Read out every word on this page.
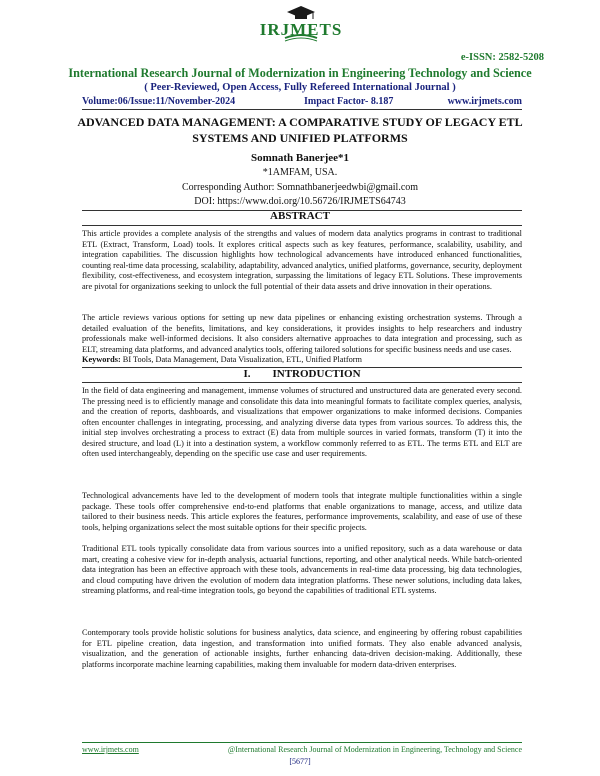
IRJMETS
e-ISSN: 2582-5208
International Research Journal of Modernization in Engineering Technology and Science
( Peer-Reviewed, Open Access, Fully Refereed International Journal )
Volume:06/Issue:11/November-2024	Impact Factor- 8.187	www.irjmets.com
ADVANCED DATA MANAGEMENT: A COMPARATIVE STUDY OF LEGACY ETL SYSTEMS AND UNIFIED PLATFORMS
Somnath Banerjee*1
*1AMFAM, USA.
Corresponding Author: Somnathbanerjeedwbi@gmail.com
DOI: https://www.doi.org/10.56726/IRJMETS64743
ABSTRACT
This article provides a complete analysis of the strengths and values of modern data analytics programs in contrast to traditional ETL (Extract, Transform, Load) tools. It explores critical aspects such as key features, performance, scalability, usability, and integration capabilities. The discussion highlights how technological advancements have introduced enhanced functionalities, counting real-time data processing, scalability, adaptability, advanced analytics, unified platforms, governance, security, deployment flexibility, cost-effectiveness, and ecosystem integration, surpassing the limitations of legacy ETL Solutions. These improvements are pivotal for organizations seeking to unlock the full potential of their data assets and drive innovation in their operations.
The article reviews various options for setting up new data pipelines or enhancing existing orchestration systems. Through a detailed evaluation of the benefits, limitations, and key considerations, it provides insights to help researchers and industry professionals make well-informed decisions. It also considers alternative approaches to data integration and processing, such as ELT, streaming data platforms, and advanced analytics tools, offering tailored solutions for specific business needs and use cases.
Keywords: BI Tools, Data Management, Data Visualization, ETL, Unified Platform
I.        INTRODUCTION
In the field of data engineering and management, immense volumes of structured and unstructured data are generated every second. The pressing need is to efficiently manage and consolidate this data into meaningful formats to facilitate complex queries, analysis, and the creation of reports, dashboards, and visualizations that empower organizations to make informed decisions. Companies often encounter challenges in integrating, processing, and analyzing diverse data types from various sources. To address this, the initial step involves orchestrating a process to extract (E) data from multiple sources in varied formats, transform (T) it into the desired structure, and load (L) it into a destination system, a workflow commonly referred to as ETL. The terms ETL and ELT are often used interchangeably, depending on the specific use case and user requirements.
Technological advancements have led to the development of modern tools that integrate multiple functionalities within a single package. These tools offer comprehensive end-to-end platforms that enable organizations to manage, access, and utilize data tailored to their business needs. This article explores the features, performance improvements, scalability, and ease of use of these tools, helping organizations select the most suitable options for their specific projects.
Traditional ETL tools typically consolidate data from various sources into a unified repository, such as a data warehouse or data mart, creating a cohesive view for in-depth analysis, actuarial functions, reporting, and other analytical needs. While batch-oriented data integration has been an effective approach with these tools, advancements in real-time data processing, big data technologies, and cloud computing have driven the evolution of modern data integration platforms. These newer solutions, including data lakes, streaming platforms, and real-time integration tools, go beyond the capabilities of traditional ETL systems.
Contemporary tools provide holistic solutions for business analytics, data science, and engineering by offering robust capabilities for ETL pipeline creation, data ingestion, and transformation into unified formats. They also enable advanced analysis, visualization, and the generation of actionable insights, further enhancing data-driven decision-making. Additionally, these platforms incorporate machine learning capabilities, making them invaluable for modern data-driven enterprises.
www.irjmets.com	@International Research Journal of Modernization in Engineering, Technology and Science
[5677]
